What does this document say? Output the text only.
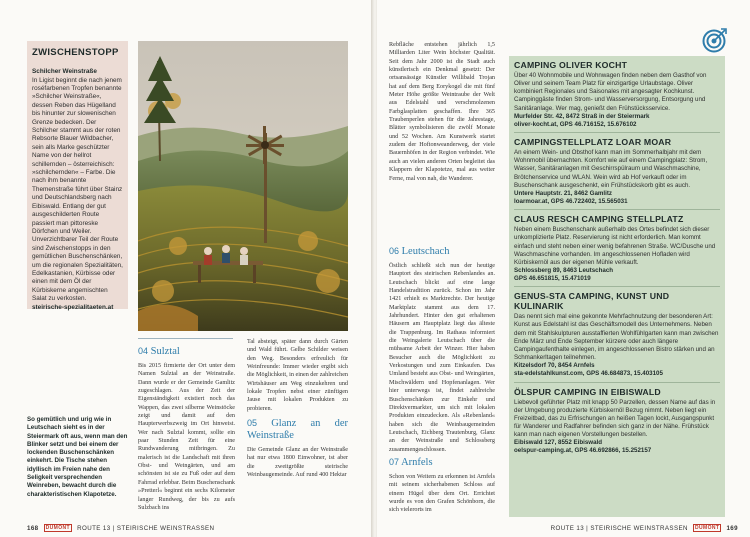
ZWISCHENSTOPP
Schilcher Weinstraße
In Ligist beginnt die nach jenem roséfarbenen Tropfen benannte »Schilcher Weinstraße«, dessen Reben das Hügelland bis hinunter zur slowenischen Grenze bedecken. Der Schilcher stammt aus der roten Rebsorte Blauer Wildbacher, sein alls Marke geschützter Name von der hellrot schillernden – österreichisch: »schilchernden« – Farbe. Die nach ihm benannte Themenstraße führt über Stainz und Deutschlandsberg nach Eibiswald. Entlang der gut ausgeschilderten Route passiert man pittoreske Dörfchen und Weiler. Unverzichtbarer Teil der Route sind Zwischenstopps in den gemütlichen Buschenschänken, um die regionalen Spezialitäten, Edelkastanien, Kürbisse oder einen mit dem Öl der Kürbiskerne angemischten Salat zu verkosten.
steirische-spezialitaeten.at
So gemütlich und urig wie in Leutschach sieht es in der Steiermark oft aus, wenn man den Blinker setzt und bei einem der lockenden Buschenschänken einkehrt. Die Tische stehen idyllisch im Freien nahe den Seligkeit versprechenden Weinreben, bewacht durch die charakteristischen Klapotetze.
04 Sulztal
Bis 2015 firmierte der Ort unter dem Namen Sulztal an der Weinstraße. Dann wurde er der Gemeinde Gamlitz zugeschlagen. Aus der Zeit der Eigenständigkeit existiert noch das Wappen, das zwei silberne Weinstöcke zeigt und damit auf den Haupterwerbszweig im Ort hinweist. Wer nach Sulztal kommt, sollte ein paar Stunden Zeit für eine Rundwanderung mitbringen. Zu malerisch ist die Landschaft mit ihren Obst- und Weingärten, und am schönsten ist sie zu Fuß oder auf dem Fahrrad erlebbar. Beim Buschenschank »Pretterl« beginnt ein sechs Kilometer langer Rundweg, der bis zu aufs Sulzbach ins
Tal absteigt, später dann durch Gärten und Wald führt. Gelbe Schilder weisen den Weg. Besonders erfreulich für Weinfreunde: Immer wieder ergibt sich die Möglichkeit, in einen der zahlreichen Wirtshäuser am Weg einzukehren und lokale Tropfen nebst einer zünftigen Jause mit lokalen Produkten zu probieren.
05 Glanz an der Weinstraße
Die Gemeinde Glanz an der Weinstraße hat nur etwa 1800 Einwohner, ist aber die zweitgrößte steirische Weinbaugemeinde. Auf rund 400 Hektar
168 DUMONT ROUTE 13 | STEIRISCHE WEINSTRASSEN
Rebfläche entstehen jährlich 1,5 Milliarden Liter Wein höchster Qualität. Seit dem Jahr 2000 ist die Stadt auch künstlerisch ein Denkmal gesetzt: Der ortsansässige Künstler Willibald Trojan hat auf dem Berg Eorykogel die mit fünf Meter Höhe größte Weintraube der Welt aus Edelstahl und verschmolzenen Farbglasplatten geschaffen. Ihre 365 Traubenperlen stehen für die Jahrestage, Blätter symbolisieren die zwölf Monate und 52 Wochen. Am Kunstwerk startet zudem der Hoftonweanderweg, der viele Bauernhöfen in der Region verbindet. Wie auch an vielen anderen Orten begleitet das Klappern der Klapotetze, mal aus weiter Ferne, mal von nah, die Wanderer.
06 Leutschach
Östlich schließt sich nun der heutige Hauptort des steirischen Rebenlandes an. Leutschach blickt auf eine lange Handelstradition zurück. Schon im Jahr 1421 erhielt es Marktrechte. Der heutige Marktplatz stammt aus dem 17. Jahrhundert. Hinter den gut erhaltenen Häusern am Hauptplatz liegt das älteste die Trappenburg. Im Rathaus informiert die Weingalerie Leutschach über die mühsame Arbeit der Winzer. Hier haben Besucher auch die Möglichkeit zu Verkostungen und zum Einkaufen. Das Umland besteht aus Obst- und Weingärten, Mischwäldern und Hopfenanlagen. Wer hier unterwegs ist, findet zahlreiche Buschenschänken zur Einkehr und Direktvermarkter, um sich mit lokalen Produkten einzudecken. Als »Rebenland« haben sich die Weinbaugemeinden Leutschach, Eichberg Trautenburg, Glanz an der Weinstraße und Schlossberg zusammengeschlossen.
07 Arnfels
Schon von Weitem zu erkennen ist Arnfels mit seinem sicherhabenen Schloss auf einem Hügel über dem Ort. Errichtet wurde es von den Grafen Schönborn, die sich vielerorts im
CAMPING OLIVER KOCHT
Über 40 Wohnmobile und Wohnwagen finden neben dem Gasthof von Oliver und seinem Team Platz für einzigartige Urlaubstage. Oliver kombiniert Regionales und Saisonales mit angesagter Kochkunst. Campinggäste finden Strom- und Wasserversorgung, Entsorgung und Sanitäranlage. Wer mag, genießt den Frühstücksservice.
Murfelder Str. 42, 8472 Straß in der Steiermark
oliver-kocht.at, GPS 46.716152, 15.676102
CAMPINGSTELLPLATZ LOAR MOAR
An einem Wein- und Obsthof kann man im Sommerhalbjahr mit dem Wohnmobil übernachten. Komfort wie auf einem Campingplatz: Strom, Wasser, Sanitäranlagen mit Geschirrspülraum und Waschmaschine, Brötchenservice und WLAN. Wein wird ab Hof verkauft oder im Buschenschank ausgeschenkt, ein Frühstückskorb gibt es auch.
Untere Hauptstr. 21, 8462 Gamlitz
loarmoar.at, GPS 46.722402, 15.565031
CLAUS RESCH CAMPING STELLPLATZ
Neben einem Buschenschank außerhalb des Ortes befindet sich dieser unkomplizierte Platz. Reservierung ist nicht erforderlich. Man kommt einfach und steht neben einer wenig befahrenen Straße. WC/Dusche und Waschmaschine vorhanden. Im angeschlossenen Hofladen wird Kürbiskernöl aus der eigenen Mühle verkauft.
Schlossberg 89, 8463 Leutschach
GPS 46.651815, 15.471019
GENUS-STA CAMPING, KUNST UND KULINARIK
Das nennt sich mal eine gekonnte Mehrfachnutzung der besonderen Art: Kunst aus Edelstahl ist das Geschäftsmodell des Unternehmens. Neben dem mit Stahlskulpturen ausstaffierten Wohlfühlgarten kann man zwischen Ende März und Ende September kürzere oder auch längere Campingaufenthalte einlegen, im angeschlossenen Bistro stärken und an Schmankerltagen teilnehmen.
Kitzelsdorf 70, 8454 Arnfels
sta-edelstahlkunst.com, GPS 46.684873, 15.403105
ÖLSPUR CAMPING IN EIBISWALD
Liebevoll geführter Platz mit knapp 50 Parzellen, dessen Name auf das in der Umgebung produzierte Kürbiskernöl Bezug nimmt. Neben liegt ein Freizeitbad, das zu Erfrischungen an heißen Tagen lockt, Ausgangspunkt für Wanderer und Radfahrer befinden sich ganz in der Nähe. Frühstück kann man nach eigenen Vorstellungen bestellen.
Eibiswald 127, 8552 Eibiswald
oelspur-camping.at, GPS 46.692866, 15.252157
ROUTE 13 | STEIRISCHE WEINSTRASSEN DUMONT 169
